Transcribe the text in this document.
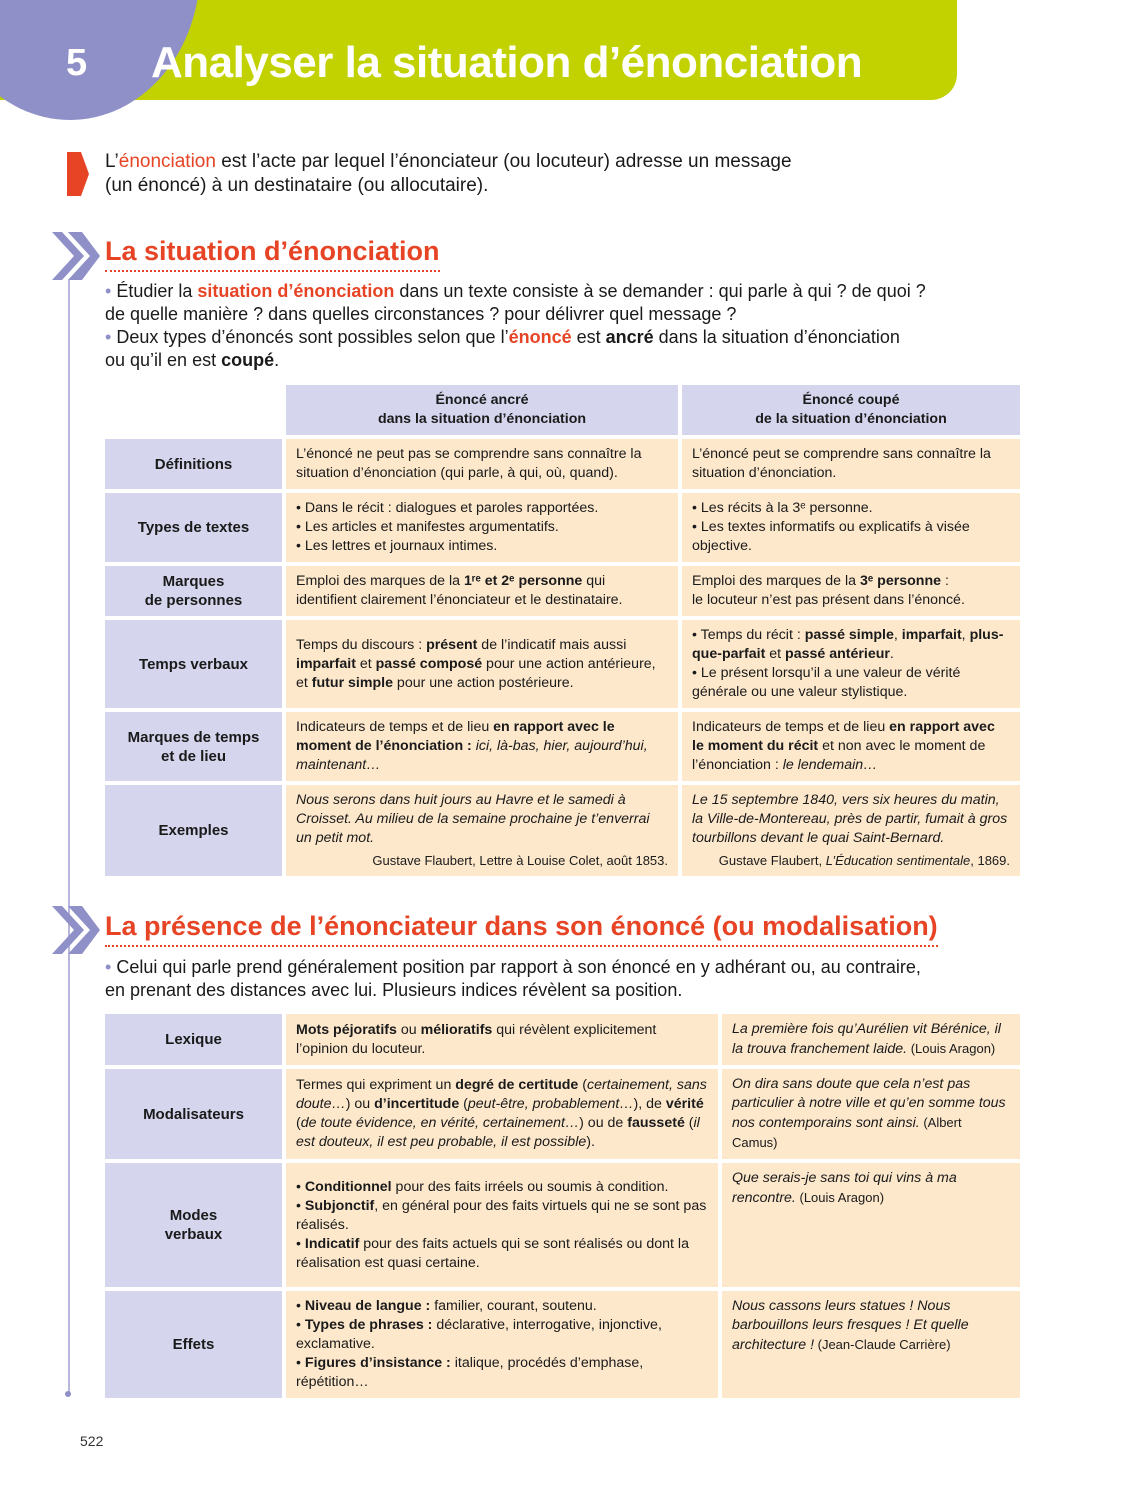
5 Analyser la situation d’énonciation
L’énonciation est l’acte par lequel l’énonciateur (ou locuteur) adresse un message
(un énoncé) à un destinataire (ou allocutaire).
La situation d’énonciation
• Étudier la situation d’énonciation dans un texte consiste à se demander : qui parle à qui ? de quoi ?
de quelle manière ? dans quelles circonstances ? pour délivrer quel message ?
• Deux types d’énoncés sont possibles selon que l’énoncé est ancré dans la situation d’énonciation
ou qu’il en est coupé.
	Énoncé ancré
dans la situation d’énonciation	Énoncé coupé
de la situation d’énonciation
Définitions	L’énoncé ne peut pas se comprendre sans connaître la situation d’énonciation (qui parle, à qui, où, quand).	L’énoncé peut se comprendre sans connaître la situation d’énonciation.
Types de textes	• Dans le récit : dialogues et paroles rapportées.
• Les articles et manifestes argumentatifs.
• Les lettres et journaux intimes.	• Les récits à la 3ᵉ personne.
• Les textes informatifs ou explicatifs à visée objective.
Marques
de personnes	Emploi des marques de la 1ʳᵉ et 2ᵉ personne qui identifient clairement l’énonciateur et le destinataire.	Emploi des marques de la 3ᵉ personne :
le locuteur n’est pas présent dans l’énoncé.
Temps verbaux	Temps du discours : présent de l’indicatif mais aussi imparfait et passé composé pour une action antérieure, et futur simple pour une action postérieure.	• Temps du récit : passé simple, imparfait, plus-que-parfait et passé antérieur.
• Le présent lorsqu’il a une valeur de vérité générale ou une valeur stylistique.
Marques de temps
et de lieu	Indicateurs de temps et de lieu en rapport avec le moment de l’énonciation : ici, là-bas, hier, aujourd’hui, maintenant…	Indicateurs de temps et de lieu en rapport avec le moment du récit et non avec le moment de l’énonciation : le lendemain…
Exemples	Nous serons dans huit jours au Havre et le samedi à Croisset. Au milieu de la semaine prochaine je t’enverrai un petit mot.
Gustave Flaubert, Lettre à Louise Colet, août 1853.	Le 15 septembre 1840, vers six heures du matin, la Ville-de-Montereau, près de partir, fumait à gros tourbillons devant le quai Saint-Bernard.
Gustave Flaubert, L’Éducation sentimentale, 1869.
La présence de l’énonciateur dans son énoncé (ou modalisation)
• Celui qui parle prend généralement position par rapport à son énoncé en y adhérant ou, au contraire,
en prenant des distances avec lui. Plusieurs indices révèlent sa position.
Lexique	Mots péjoratifs ou mélioratifs qui révèlent explicitement l’opinion du locuteur.	La première fois qu’Aurélien vit Bérénice, il la trouva franchement laide. (Louis Aragon)
Modalisateurs	Termes qui expriment un degré de certitude (certainement, sans doute…) ou d’incertitude (peut-être, probablement…), de vérité (de toute évidence, en vérité, certainement…) ou de fausseté (il est douteux, il est peu probable, il est possible).	On dira sans doute que cela n’est pas particulier à notre ville et qu’en somme tous nos contemporains sont ainsi. (Albert Camus)
Modes
verbaux	• Conditionnel pour des faits irréels ou soumis à condition.
• Subjonctif, en général pour des faits virtuels qui ne se sont pas réalisés.
• Indicatif pour des faits actuels qui se sont réalisés ou dont la réalisation est quasi certaine.	Que serais-je sans toi qui vins à ma rencontre. (Louis Aragon)
Effets	• Niveau de langue : familier, courant, soutenu.
• Types de phrases : déclarative, interrogative, injonctive, exclamative.
• Figures d’insistance : italique, procédés d’emphase, répétition…	Nous cassons leurs statues ! Nous barbouillons leurs fresques ! Et quelle architecture ! (Jean-Claude Carrière)
522
